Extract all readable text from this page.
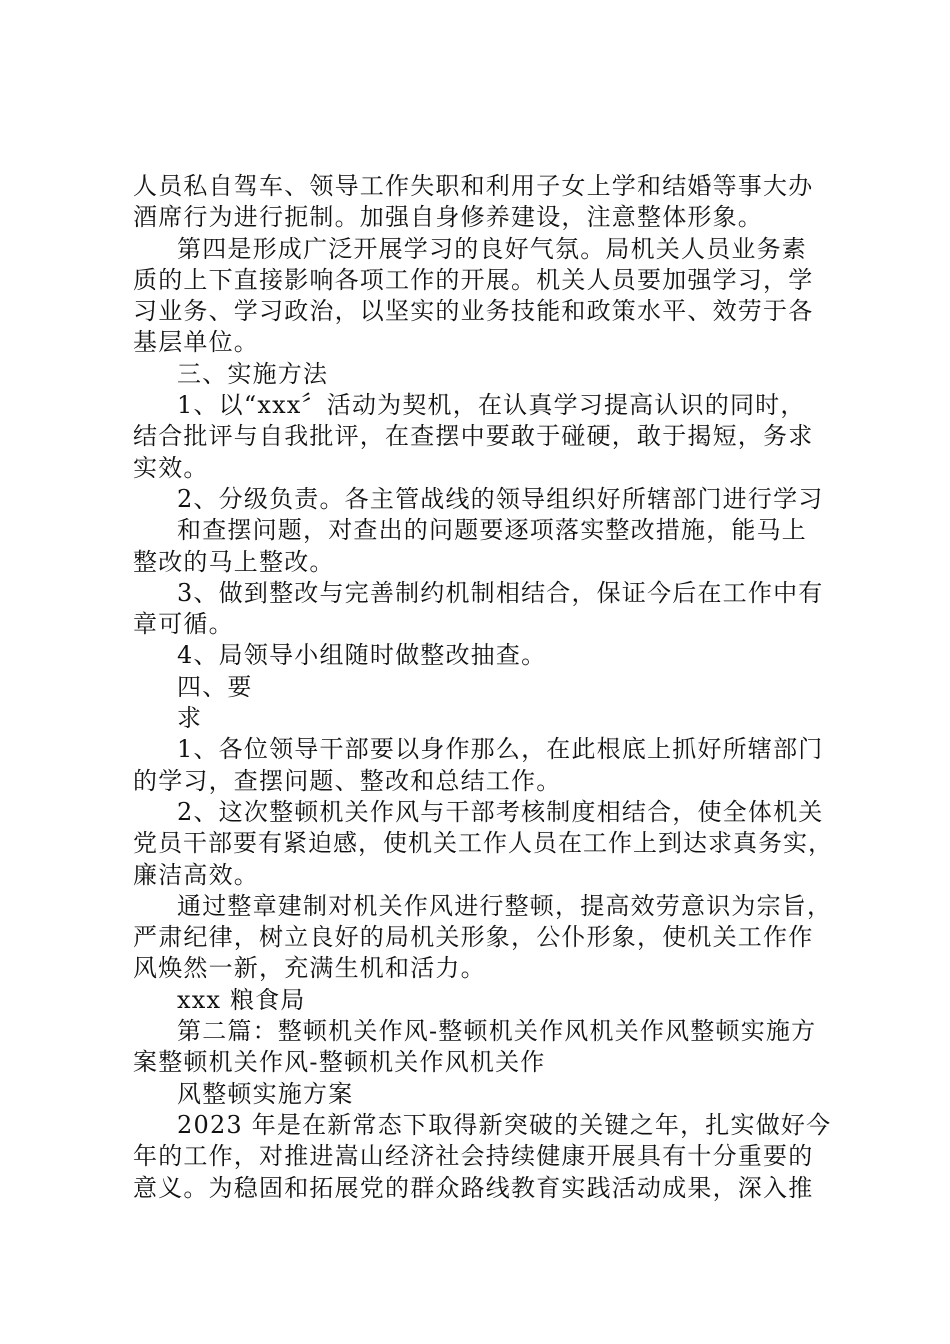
人员私自驾车、领导工作失职和利用子女上学和结婚等事大办
酒席行为进行扼制。加强自身修养建设，注意整体形象。
第四是形成广泛开展学习的良好气氛。局机关人员业务素
质的上下直接影响各项工作的开展。机关人员要加强学习，学
习业务、学习政治，以坚实的业务技能和政策水平、效劳于各
基层单位。
三、实施方法
1、以“xxx〞活动为契机，在认真学习提高认识的同时，
结合批评与自我批评，在查摆中要敢于碰硬，敢于揭短，务求
实效。
2、分级负责。各主管战线的领导组织好所辖部门进行学习
和查摆问题，对查出的问题要逐项落实整改措施，能马上
整改的马上整改。
3、做到整改与完善制约机制相结合，保证今后在工作中有
章可循。
4、局领导小组随时做整改抽查。
四、要
求
1、各位领导干部要以身作那么，在此根底上抓好所辖部门
的学习，查摆问题、整改和总结工作。
2、这次整顿机关作风与干部考核制度相结合，使全体机关
党员干部要有紧迫感，使机关工作人员在工作上到达求真务实，
廉洁高效。
通过整章建制对机关作风进行整顿，提高效劳意识为宗旨，
严肃纪律，树立良好的局机关形象，公仆形象，使机关工作作
风焕然一新，充满生机和活力。
xxx 粮食局
第二篇：整顿机关作风-整顿机关作风机关作风整顿实施方
案整顿机关作风-整顿机关作风机关作
风整顿实施方案
2023 年是在新常态下取得新突破的关键之年，扎实做好今
年的工作，对推进嵩山经济社会持续健康开展具有十分重要的
意义。为稳固和拓展党的群众路线教育实践活动成果，深入推
